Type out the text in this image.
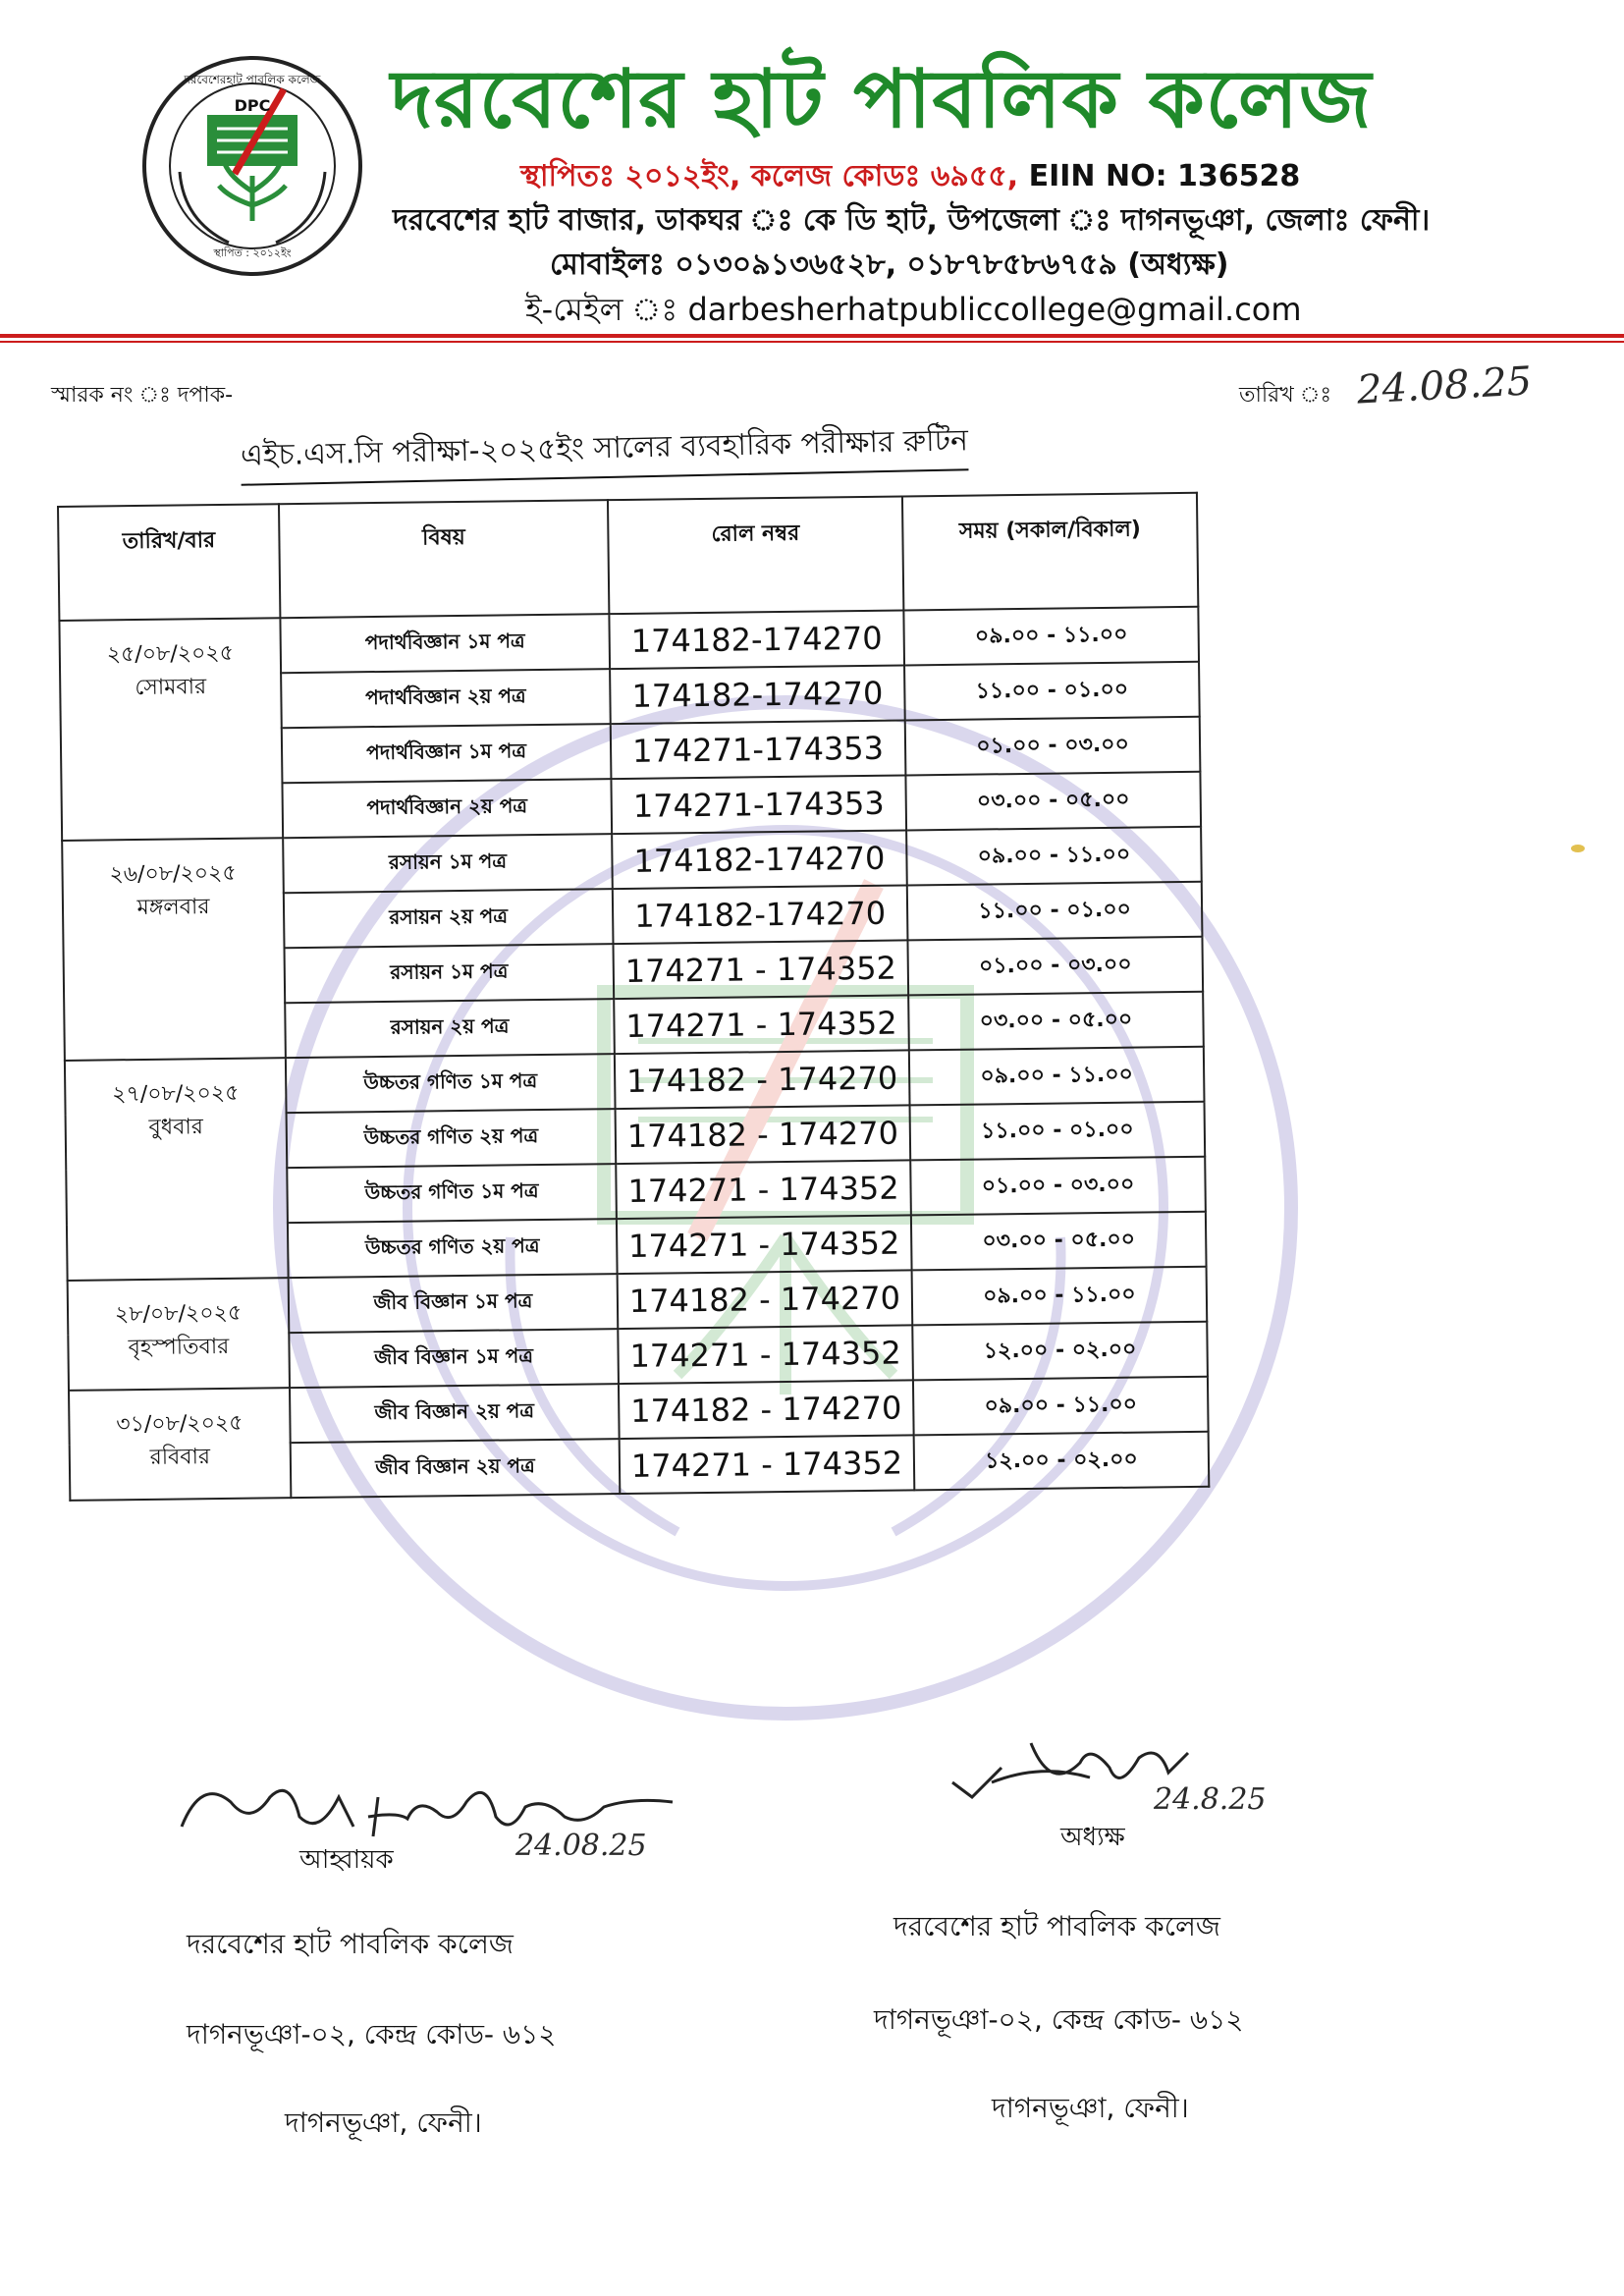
DPC
দরবেশেরহাট পাবলিক কলেজ
স্থাপিত : ২০১২ইং
দরবেশের হাট পাবলিক কলেজ
স্থাপিতঃ ২০১২ইং, কলেজ কোডঃ ৬৯৫৫, EIIN NO: 136528
দরবেশের হাট বাজার, ডাকঘর ঃ কে ডি হাট, উপজেলা ঃ দাগনভূঞা, জেলাঃ ফেনী।
মোবাইলঃ ০১৩০৯১৩৬৫২৮, ০১৮৭৮৫৮৬৭৫৯ (অধ্যক্ষ)
ই-মেইল ঃ darbesherhatpubliccollege@gmail.com
স্মারক নং ঃ দপাক-	তারিখ ঃ 24.08.25
এইচ.এস.সি পরীক্ষা-২০২৫ইং সালের ব্যবহারিক পরীক্ষার রুটিন
তারিখ/বার	বিষয়	রোল নম্বর	সময় (সকাল/বিকাল)

২৫/০৮/২০২৫
সোমবার	পদার্থবিজ্ঞান ১ম পত্র	174182-174270	০৯.০০ - ১১.০০
	পদার্থবিজ্ঞান ২য় পত্র	174182-174270	১১.০০ - ০১.০০
	পদার্থবিজ্ঞান ১ম পত্র	174271-174353	০১.০০ - ০৩.০০
	পদার্থবিজ্ঞান ২য় পত্র	174271-174353	০৩.০০ - ০৫.০০

২৬/০৮/২০২৫
মঙ্গলবার	রসায়ন ১ম পত্র	174182-174270	০৯.০০ - ১১.০০
	রসায়ন ২য় পত্র	174182-174270	১১.০০ - ০১.০০
	রসায়ন ১ম পত্র	174271 - 174352	০১.০০ - ০৩.০০
	রসায়ন ২য় পত্র	174271 - 174352	০৩.০০ - ০৫.০০

২৭/০৮/২০২৫
বুধবার	উচ্চতর গণিত ১ম পত্র	174182 - 174270	০৯.০০ - ১১.০০
	উচ্চতর গণিত ২য় পত্র	174182 - 174270	১১.০০ - ০১.০০
	উচ্চতর গণিত ১ম পত্র	174271 - 174352	০১.০০ - ০৩.০০
	উচ্চতর গণিত ২য় পত্র	174271 - 174352	০৩.০০ - ০৫.০০

২৮/০৮/২০২৫
বৃহস্পতিবার	জীব বিজ্ঞান ১ম পত্র	174182 - 174270	০৯.০০ - ১১.০০
	জীব বিজ্ঞান ১ম পত্র	174271 - 174352	১২.০০ - ০২.০০

৩১/০৮/২০২৫
রবিবার	জীব বিজ্ঞান ২য় পত্র	174182 - 174270	০৯.০০ - ১১.০০
	জীব বিজ্ঞান ২য় পত্র	174271 - 174352	১২.০০ - ০২.০০
আহ্বায়ক	24.08.25
24.8.25
অধ্যক্ষ
দরবেশের হাট পাবলিক কলেজ
দাগনভূঞা-০২, কেন্দ্র কোড- ৬১২
দাগনভূঞা, ফেনী।
দরবেশের হাট পাবলিক কলেজ
দাগনভূঞা-০২, কেন্দ্র কোড- ৬১২
দাগনভূঞা, ফেনী।
